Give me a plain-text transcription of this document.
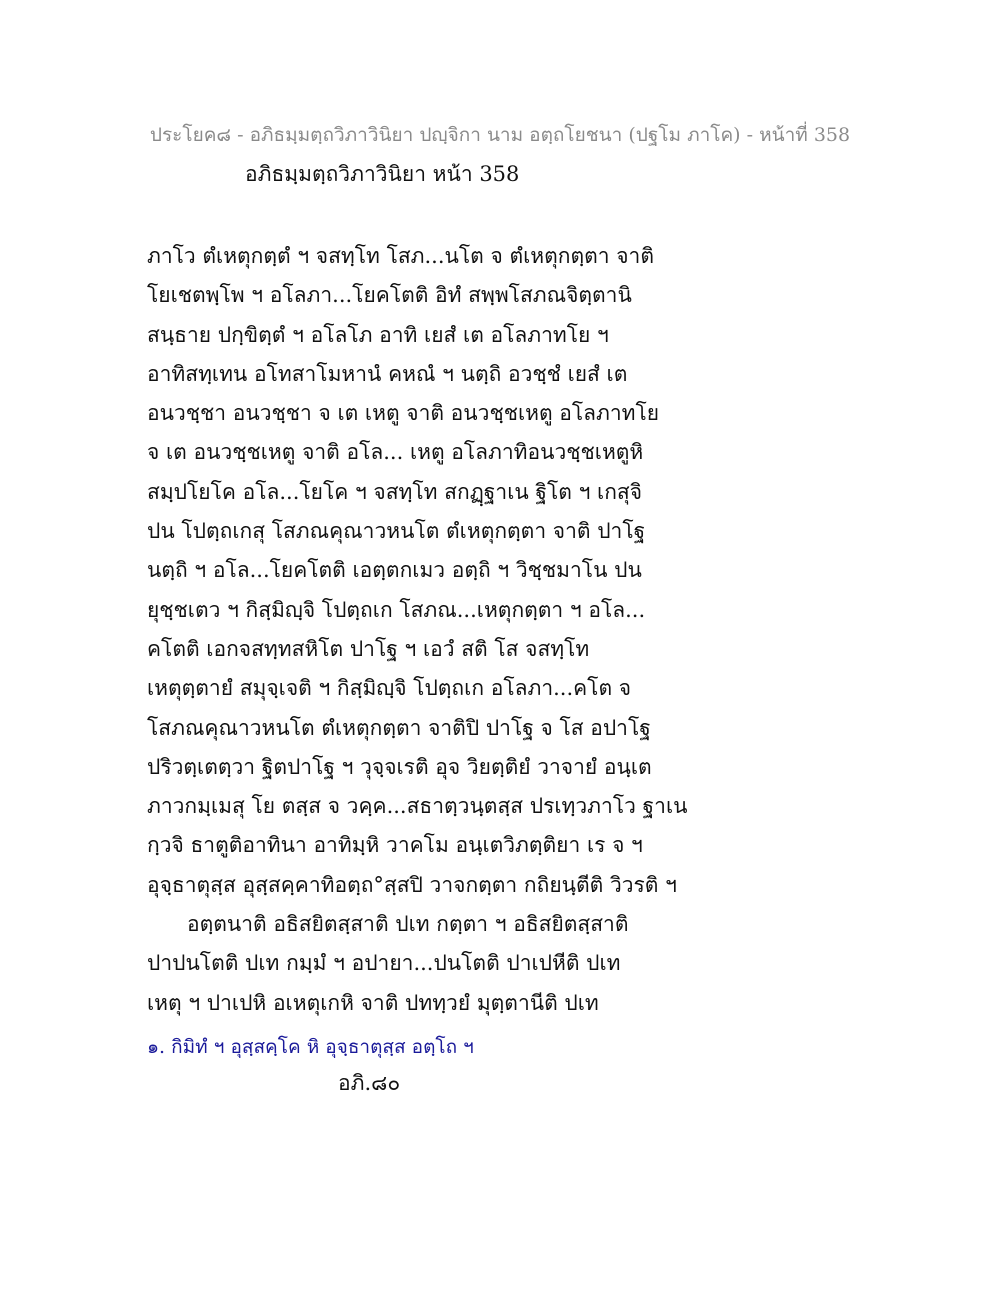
ประโยค๘ - อภิธมฺมตฺถวิภาวินิยา ปญฺจิกา นาม อตฺถโยชนา (ปฐโม ภาโค) - หน้าที่ 358
อภิธมฺมตฺถวิภาวินิยา หน้า 358
ภาโว ตํเหตุกตฺตํ ฯ จสทฺโท โสภ...นโต จ ตํเหตุกตฺตา จาติ
โยเชตพฺโพ ฯ อโลภา...โยคโตติ อิทํ สพฺพโสภณจิตฺตานิ
สนฺธาย ปกฺขิตฺตํ ฯ อโลโภ อาทิ เยสํ เต อโลภาทโย ฯ
อาทิสทฺเทน อโทสาโมหานํ คหณํ ฯ นตฺถิ อวชฺชํ เยสํ เต
อนวชฺชา อนวชฺชา จ เต เหตู จาติ อนวชฺชเหตู อโลภาทโย
จ เต อนวชฺชเหตู จาติ อโล... เหตู อโลภาทิอนวชฺชเหตูหิ
สมฺปโยโค อโล...โยโค ฯ จสทฺโท สกฏฺฐาเน ฐิโต ฯ เกสุจิ
ปน โปตฺถเกสุ โสภณคุณาวหนโต ตํเหตุกตฺตา จาติ ปาโฐ
นตฺถิ ฯ อโล...โยคโตติ เอตฺตกเมว อตฺถิ ฯ วิชฺชมาโน ปน
ยุชฺชเตว ฯ กิสฺมิญฺจิ โปตฺถเก โสภณ...เหตุกตฺตา ฯ อโล...
คโตติ เอกจสทฺทสหิโต ปาโฐ ฯ เอวํ สติ โส จสทฺโท
เหตุตฺตายํ สมุจฺเจติ ฯ กิสฺมิญฺจิ โปตฺถเก อโลภา...คโต จ
โสภณคุณาวหนโต ตํเหตุกตฺตา จาติปิ ปาโฐ จ โส อปาโฐ
ปริวตฺเตตฺวา ฐิตปาโฐ ฯ วุจฺจเรติ อุจ วิยตฺติยํ วาจายํ อนฺเต
ภาวกมฺเมสุ โย ตสฺส จ วคฺค...สธาตฺวนฺตสฺส ปรเทฺวภาโว ฐาเน
กฺวจิ ธาตูติอาทินา อาทิมฺหิ วาคโม อนฺเตวิภตฺติยา เร จ ฯ
อุจฺธาตุสฺส อุสฺสคฺคาทิอตฺถ°สฺสปิ วาจกตฺตา กถิยนฺตีติ วิวรติ ฯ
อตฺตนาติ อธิสยิตสฺสาติ ปเท กตฺตา ฯ อธิสยิตสฺสาติ
ปาปนโตติ ปเท กมฺมํ ฯ อปายา...ปนโตติ ปาเปหีติ ปเท
เหตุ ฯ ปาเปหิ อเหตุเกหิ จาติ ปททฺวยํ มุตฺตานีติ ปเท
๑. กิมิทํ ฯ อุสฺสคฺโค หิ อุจฺธาตุสฺส อตฺโถ ฯ
อภิ.๘๐
